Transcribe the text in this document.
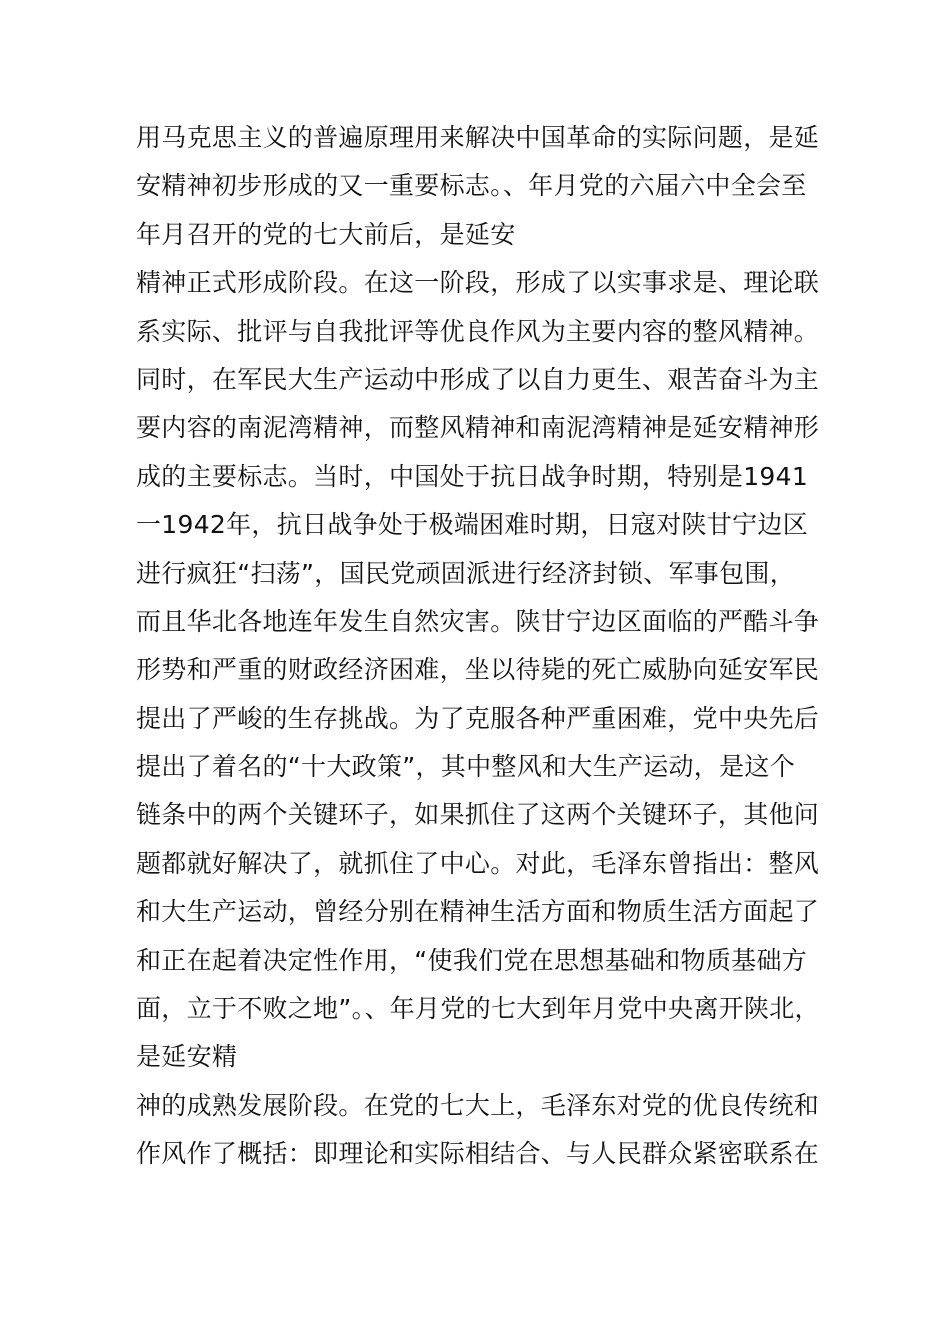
用马克思主义的普遍原理用来解决中国革命的实际问题，是延
安精神初步形成的又一重要标志。、年月党的六届六中全会至
年月召开的党的七大前后，是延安
精神正式形成阶段。在这一阶段，形成了以实事求是、理论联
系实际、批评与自我批评等优良作风为主要内容的整风精神。
同时，在军民大生产运动中形成了以自力更生、艰苦奋斗为主
要内容的南泥湾精神，而整风精神和南泥湾精神是延安精神形
成的主要标志。当时，中国处于抗日战争时期，特别是1941
一1942年，抗日战争处于极端困难时期，日寇对陕甘宁边区
进行疯狂“扫荡”，国民党顽固派进行经济封锁、军事包围，
而且华北各地连年发生自然灾害。陕甘宁边区面临的严酷斗争
形势和严重的财政经济困难，坐以待毙的死亡威胁向延安军民
提出了严峻的生存挑战。为了克服各种严重困难，党中央先后
提出了着名的“十大政策”，其中整风和大生产运动，是这个
链条中的两个关键环子，如果抓住了这两个关键环子，其他问
题都就好解决了，就抓住了中心。对此，毛泽东曾指出：整风
和大生产运动，曾经分别在精神生活方面和物质生活方面起了
和正在起着决定性作用，“使我们党在思想基础和物质基础方
面，立于不败之地”。、年月党的七大到年月党中央离开陕北，
是延安精
神的成熟发展阶段。在党的七大上，毛泽东对党的优良传统和
作风作了概括：即理论和实际相结合、与人民群众紧密联系在
